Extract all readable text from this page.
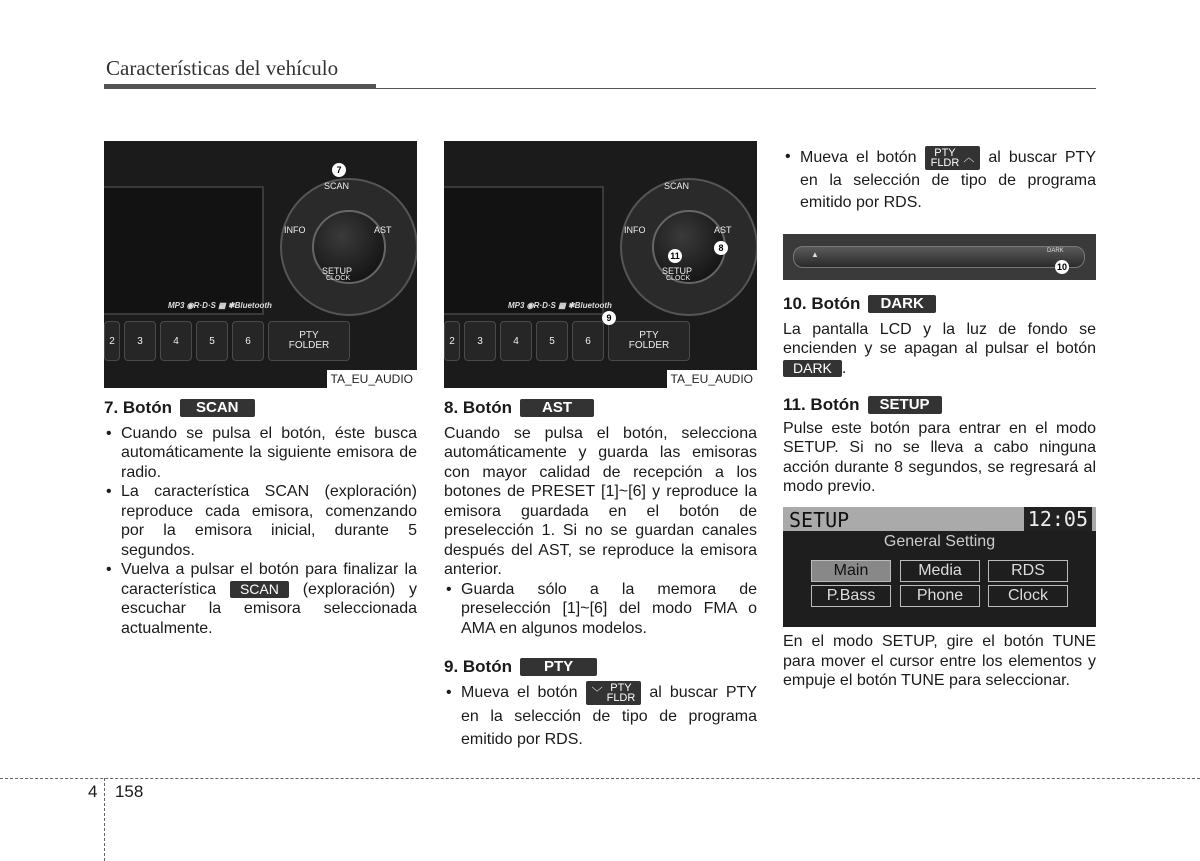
Características del vehículo
SCAN
INFO	AST
SETUP
CLOCK
MP3 ◉R·D·S ▦ ✱Bluetooth
2	3	4	5	6	PTY
FOLDER
7
TA_EU_AUDIO
SCAN
INFO	AST
SETUP
CLOCK
MP3 ◉R·D·S ▦ ✱Bluetooth
2	3	4	5	6	PTY
FOLDER
8
11
9
TA_EU_AUDIO
7. Botón	SCAN
• Cuando se pulsa el botón, éste busca automáticamente la siguiente emisora de radio.
• La característica SCAN (exploración) reproduce cada emisora, comenzando por la emisora inicial, durante 5 segundos.
• Vuelva a pulsar el botón para finalizar la característica SCAN (exploración) y escuchar la emisora seleccionada actualmente.
8. Botón	AST

Cuando se pulsa el botón, selecciona automáticamente y guarda las emisoras con mayor calidad de recepción a los botones de PRESET [1]~[6] y reproduce la emisora guardada en el botón de preselección 1. Si no se guardan canales después del AST, se reproduce la emisora anterior.

• Guarda sólo a la memora de preselección [1]~[6] del modo FMA o AMA en algunos modelos.
9. Botón	PTY
• Mueva el botón ﹀ PTY
FLDR al buscar PTY en la selección de tipo de programa emitido por RDS.
• Mueva el botón PTY
FLDR ︿ al buscar PTY en la selección de tipo de programa emitido por RDS.
DARK
▲
10
10. Botón	DARK

La pantalla LCD y la luz de fondo se encienden y se apagan al pulsar el botón DARK .

11. Botón	SETUP

Pulse este botón para entrar en el modo SETUP. Si no se lleva a cabo ninguna acción durante 8 segundos, se regresará al modo previo.

SETUP	12:05
General Setting
Main	Media	RDS
P.Bass	Phone	Clock

En el modo SETUP, gire el botón TUNE para mover el cursor entre los elementos y empuje el botón TUNE para seleccionar.

4 158
